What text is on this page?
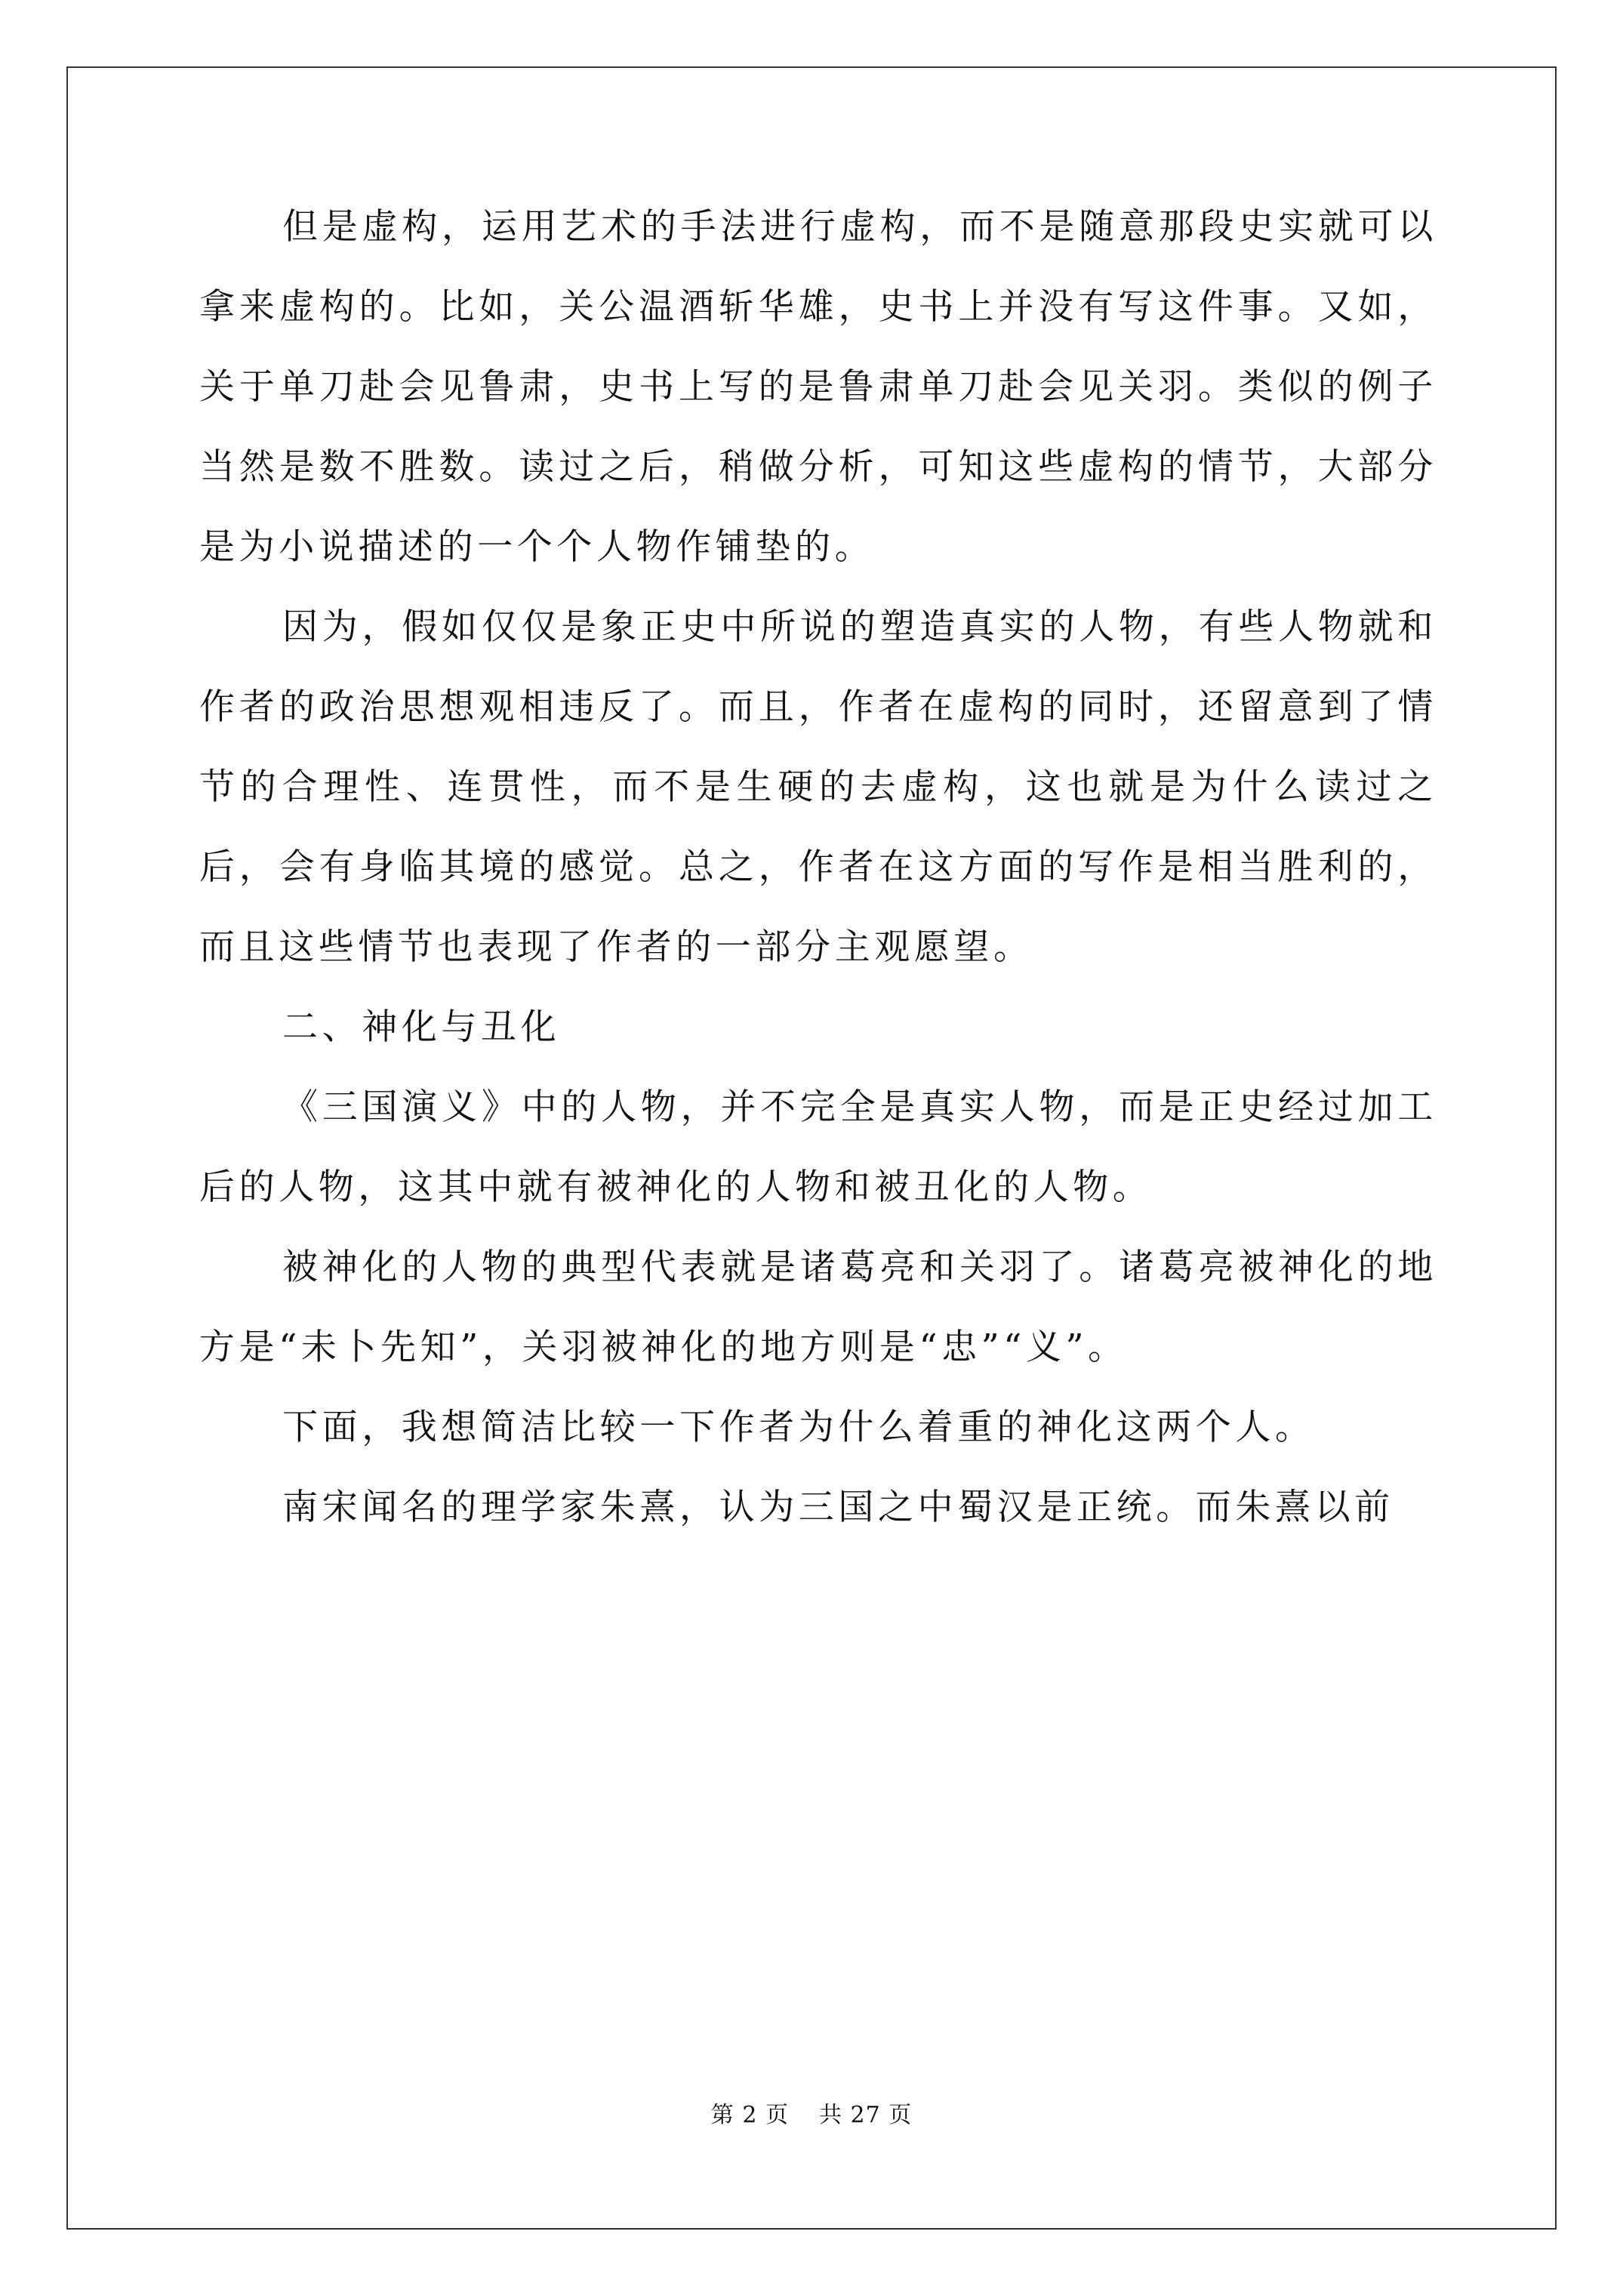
但是虚构，运用艺术的手法进行虚构，而不是随意那段史实就可以拿来虚构的。比如，关公温酒斩华雄，史书上并没有写这件事。又如，关于单刀赴会见鲁肃，史书上写的是鲁肃单刀赴会见关羽。类似的例子当然是数不胜数。读过之后，稍做分析，可知这些虚构的情节，大部分是为小说描述的一个个人物作铺垫的。

因为，假如仅仅是象正史中所说的塑造真实的人物，有些人物就和作者的政治思想观相违反了。而且，作者在虚构的同时，还留意到了情节的合理性、连贯性，而不是生硬的去虚构，这也就是为什么读过之后，会有身临其境的感觉。总之，作者在这方面的写作是相当胜利的，而且这些情节也表现了作者的一部分主观愿望。

二、神化与丑化

《三国演义》中的人物，并不完全是真实人物，而是正史经过加工后的人物，这其中就有被神化的人物和被丑化的人物。

被神化的人物的典型代表就是诸葛亮和关羽了。诸葛亮被神化的地方是“未卜先知”，关羽被神化的地方则是“忠”“义”。

下面，我想简洁比较一下作者为什么着重的神化这两个人。

南宋闻名的理学家朱熹，认为三国之中蜀汉是正统。而朱熹以前

第 2 页 共 27 页
